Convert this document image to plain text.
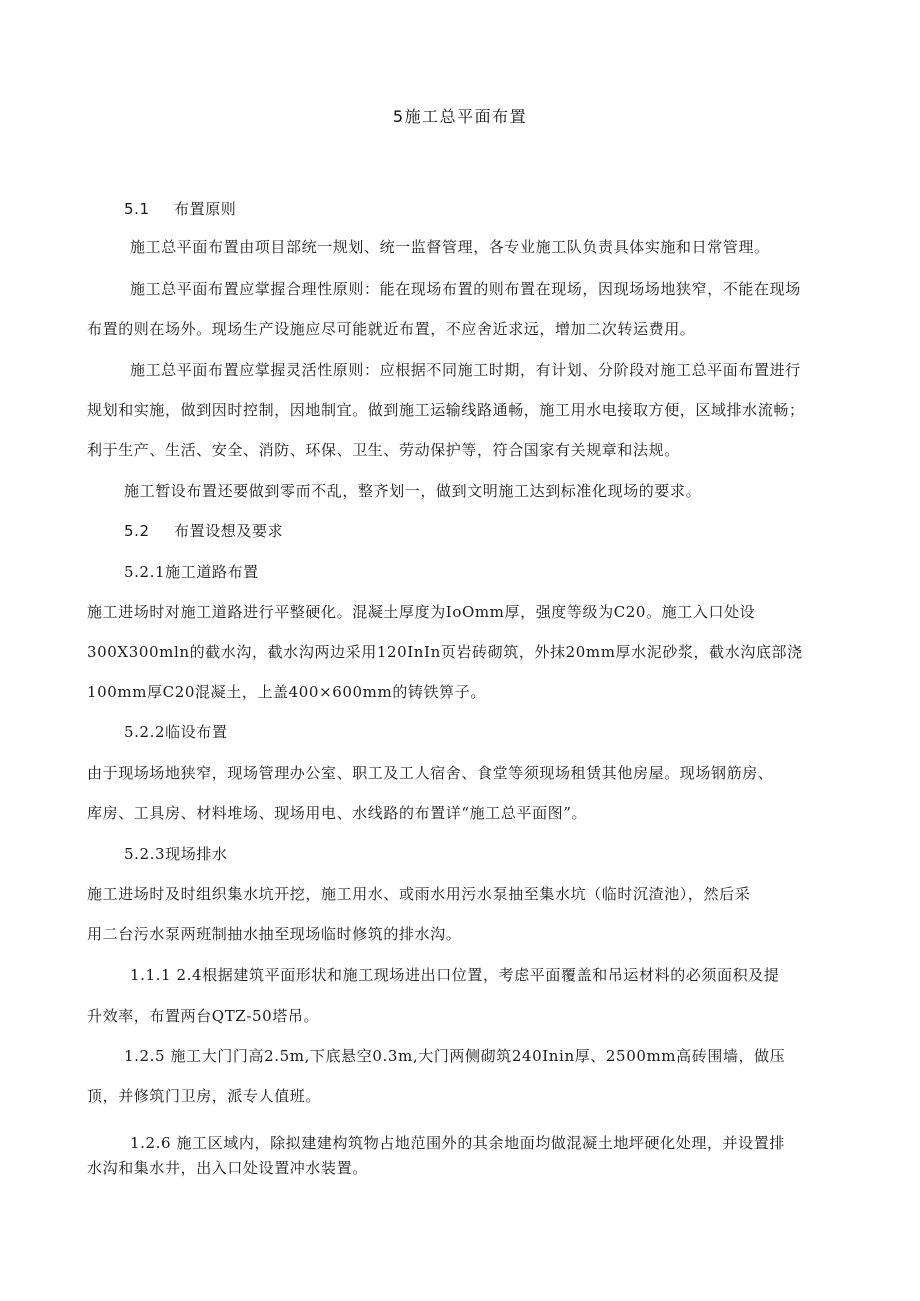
5施工总平面布置
5.1 布置原则
施工总平面布置由项目部统一规划、统一监督管理，各专业施工队负责具体实施和日常管理。
施工总平面布置应掌握合理性原则：能在现场布置的则布置在现场，因现场场地狭窄，不能在现场
布置的则在场外。现场生产设施应尽可能就近布置，不应舍近求远，增加二次转运费用。
施工总平面布置应掌握灵活性原则：应根据不同施工时期，有计划、分阶段对施工总平面布置进行
规划和实施，做到因时控制，因地制宜。做到施工运输线路通畅，施工用水电接取方便，区域排水流畅；
利于生产、生活、安全、消防、环保、卫生、劳动保护等，符合国家有关规章和法规。
施工暂设布置还要做到零而不乱，整齐划一，做到文明施工达到标准化现场的要求。
5.2 布置设想及要求
5.2.1施工道路布置
施工进场时对施工道路进行平整硬化。混凝土厚度为IoOmm厚，强度等级为C20。施工入口处设
300X300mln的截水沟，截水沟两边采用120InIn页岩砖砌筑，外抹20mm厚水泥砂浆，截水沟底部浇
100mm厚C20混凝土，上盖400×600mm的铸铁箅子。
5.2.2临设布置
由于现场场地狭窄，现场管理办公室、职工及工人宿舍、食堂等须现场租赁其他房屋。现场钢筋房、
库房、工具房、材料堆场、现场用电、水线路的布置详“施工总平面图”。
5.2.3现场排水
施工进场时及时组织集水坑开挖，施工用水、或雨水用污水泵抽至集水坑（临时沉渣池），然后采
用二台污水泵两班制抽水抽至现场临时修筑的排水沟。
1.1.1 2.4根据建筑平面形状和施工现场进出口位置，考虑平面覆盖和吊运材料的必须面积及提
升效率，布置两台QTZ-50塔吊。
1.2.5 施工大门门高2.5m,下底悬空0.3m,大门两侧砌筑240Inin厚、2500mm高砖围墙，做压
顶，并修筑门卫房，派专人值班。
1.2.6 施工区域内，除拟建建构筑物占地范围外的其余地面均做混凝土地坪硬化处理，并设置排
水沟和集水井，出入口处设置冲水装置。
